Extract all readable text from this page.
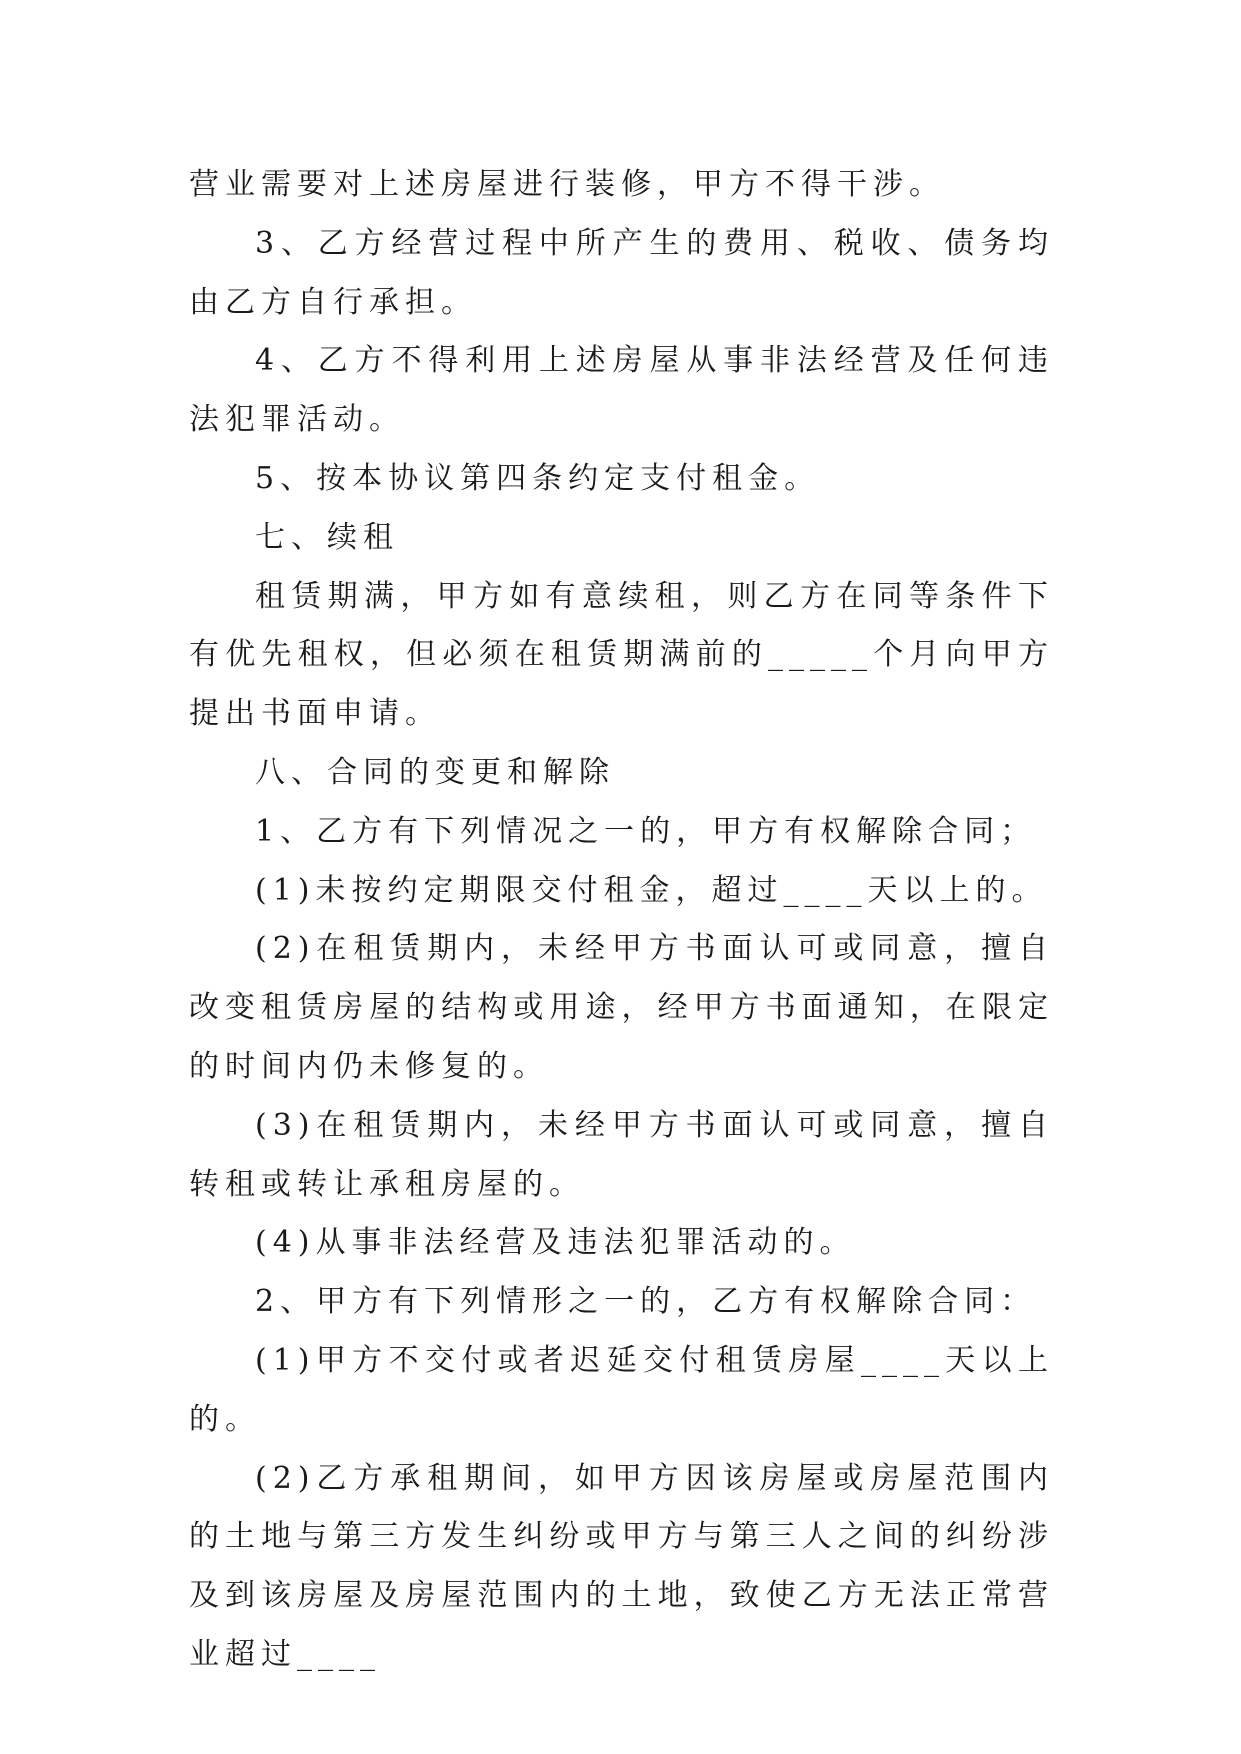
营业需要对上述房屋进行装修，甲方不得干涉。

3、乙方经营过程中所产生的费用、税收、债务均由乙方自行承担。

4、乙方不得利用上述房屋从事非法经营及任何违法犯罪活动。

5、按本协议第四条约定支付租金。

七、续租

租赁期满，甲方如有意续租，则乙方在同等条件下有优先租权，但必须在租赁期满前的_____个月向甲方提出书面申请。

八、合同的变更和解除

1、乙方有下列情况之一的，甲方有权解除合同；

(1)未按约定期限交付租金，超过____天以上的。

(2)在租赁期内，未经甲方书面认可或同意，擅自改变租赁房屋的结构或用途，经甲方书面通知，在限定的时间内仍未修复的。

(3)在租赁期内，未经甲方书面认可或同意，擅自转租或转让承租房屋的。

(4)从事非法经营及违法犯罪活动的。

2、甲方有下列情形之一的，乙方有权解除合同：

(1)甲方不交付或者迟延交付租赁房屋____天以上的。

(2)乙方承租期间，如甲方因该房屋或房屋范围内的土地与第三方发生纠纷或甲方与第三人之间的纠纷涉及到该房屋及房屋范围内的土地，致使乙方无法正常营业超过____
